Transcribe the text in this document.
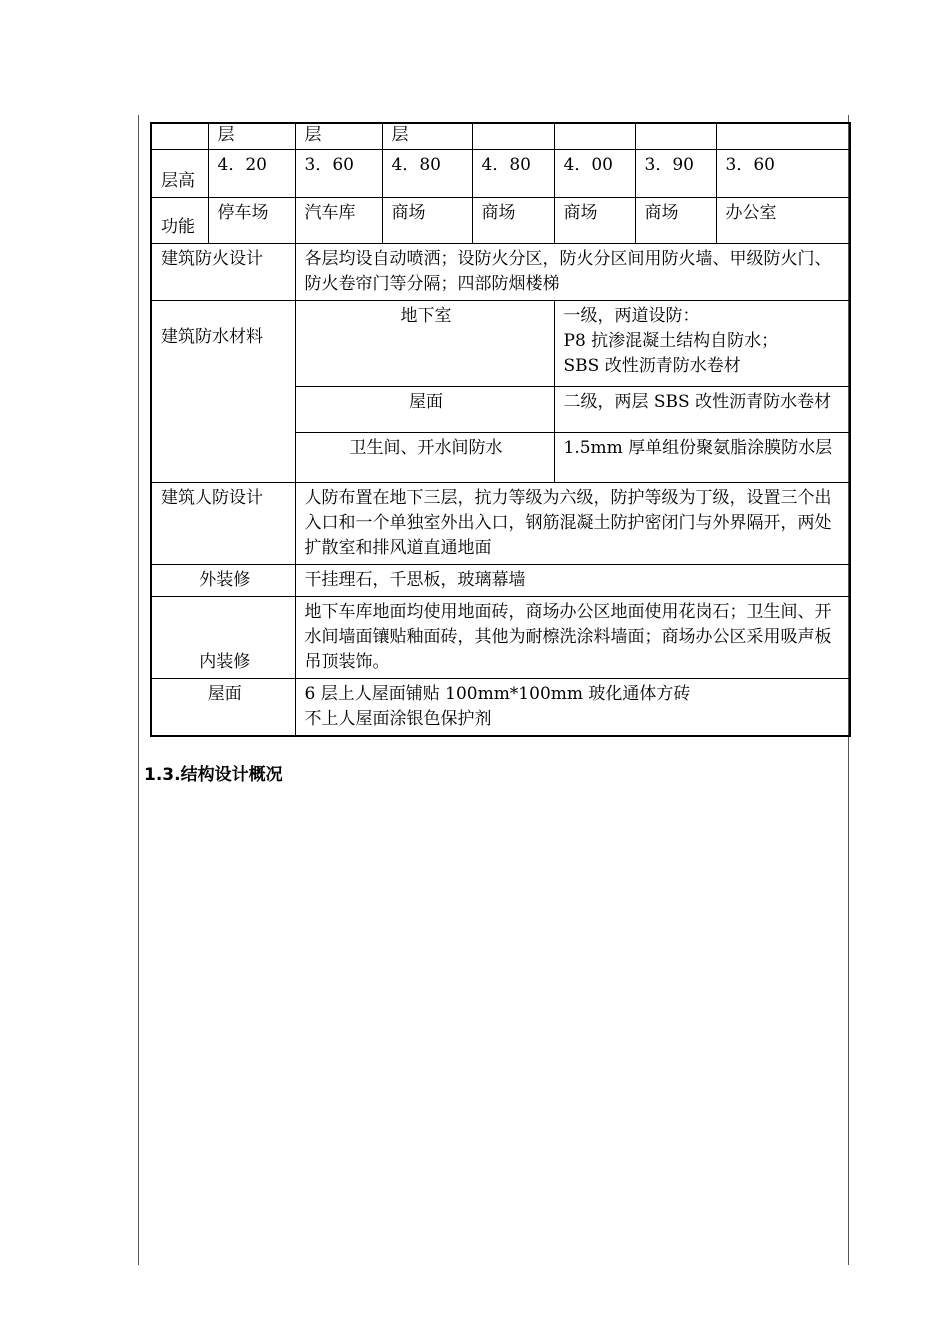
	层	层	层				
层高	4．20	3．60	4．80	4．80	4．00	3．90	3．60
功能	停车场	汽车库	商场	商场	商场	商场	办公室
建筑防火设计		各层均设自动喷洒；设防火分区，防火分区间用防火墙、甲级防火门、防火卷帘门等分隔；四部防烟楼梯					
建筑防水材料		地下室			一级，两道设防：
P8 抗渗混凝土结构自防水；
SBS 改性沥青防水卷材		

		屋面			二级，两层 SBS 改性沥青防水卷材		
		卫生间、开水间防水			1.5mm 厚单组份聚氨脂涂膜防水层		
建筑人防设计		人防布置在地下三层，抗力等级为六级，防护等级为丁级，设置三个出入口和一个单独室外出入口，钢筋混凝土防护密闭门与外界隔开，两处扩散室和排风道直通地面					
外装修		干挂理石，千思板，玻璃幕墙					
内装修		地下车库地面均使用地面砖，商场办公区地面使用花岗石；卫生间、开水间墙面镶贴釉面砖，其他为耐檫洗涂料墙面；商场办公区采用吸声板吊顶装饰。					
屋面		6 层上人屋面铺贴 100mm*100mm 玻化通体方砖
不上人屋面涂银色保护剂					
1.3.结构设计概况
